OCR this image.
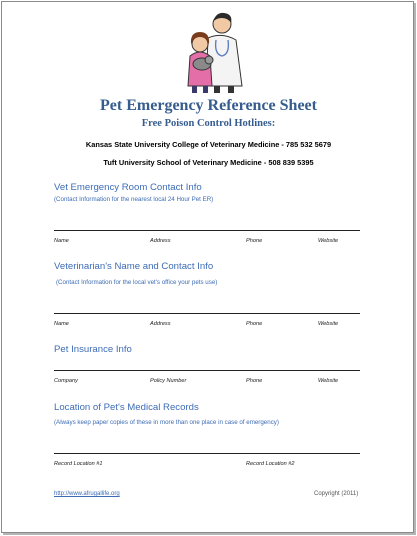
Pet Emergency Reference Sheet
Free Poison Control Hotlines:
Kansas State University College of Veterinary Medicine - 785 532 5679
Tuft University School of Veterinary Medicine - 508 839 5395
Vet Emergency Room Contact Info
(Contact Information for the nearest local 24 Hour Pet ER)
Name	Address	Phone	Website
Veterinarian's Name and Contact Info
(Contact Information for the local vet's office your pets use)
Name	Address	Phone	Website
Pet Insurance Info
Company	Policy Number	Phone	Website
Location of Pet's Medical Records
(Always keep paper copies of these in more than one place in case of emergency)
Record Location #1	Record Location #2
http://www.afrugallife.org	Copyright (2011)
